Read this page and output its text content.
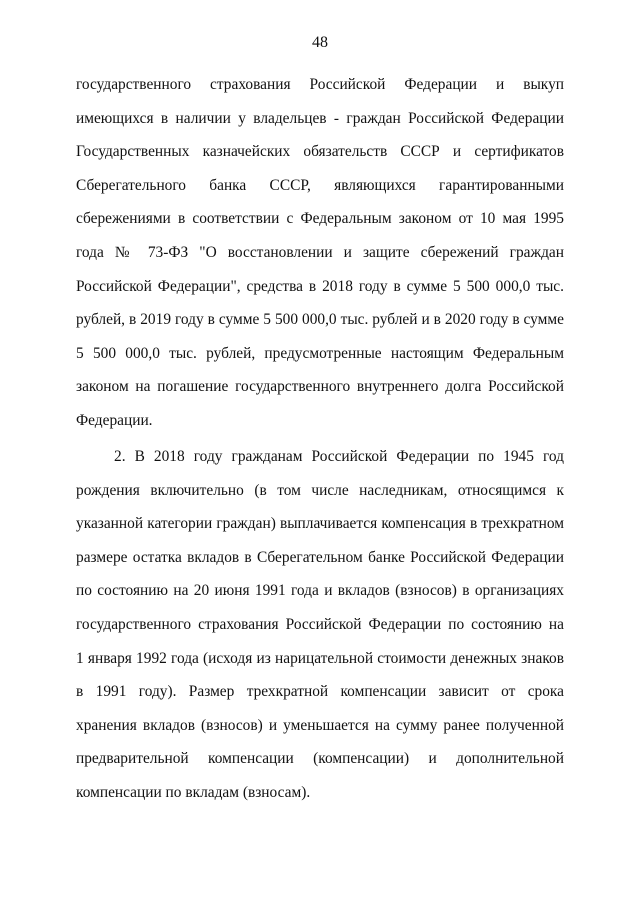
48
государственного страхования Российской Федерации и выкуп
имеющихся в наличии у владельцев - граждан Российской Федерации
Государственных казначейских обязательств СССР и сертификатов
Сберегательного банка СССР, являющихся гарантированными
сбережениями в соответствии с Федеральным законом от 10 мая 1995
года № 73-ФЗ "О восстановлении и защите сбережений граждан
Российской Федерации", средства в 2018 году в сумме 5 500 000,0 тыс.
рублей, в 2019 году в сумме 5 500 000,0 тыс. рублей и в 2020 году в сумме
5 500 000,0 тыс. рублей, предусмотренные настоящим Федеральным
законом на погашение государственного внутреннего долга Российской
Федерации.
2. В 2018 году гражданам Российской Федерации по 1945 год
рождения включительно (в том числе наследникам, относящимся к
указанной категории граждан) выплачивается компенсация в трехкратном
размере остатка вкладов в Сберегательном банке Российской Федерации
по состоянию на 20 июня 1991 года и вкладов (взносов) в организациях
государственного страхования Российской Федерации по состоянию на
1 января 1992 года (исходя из нарицательной стоимости денежных знаков
в 1991 году). Размер трехкратной компенсации зависит от срока
хранения вкладов (взносов) и уменьшается на сумму ранее полученной
предварительной компенсации (компенсации) и дополнительной
компенсации по вкладам (взносам).
